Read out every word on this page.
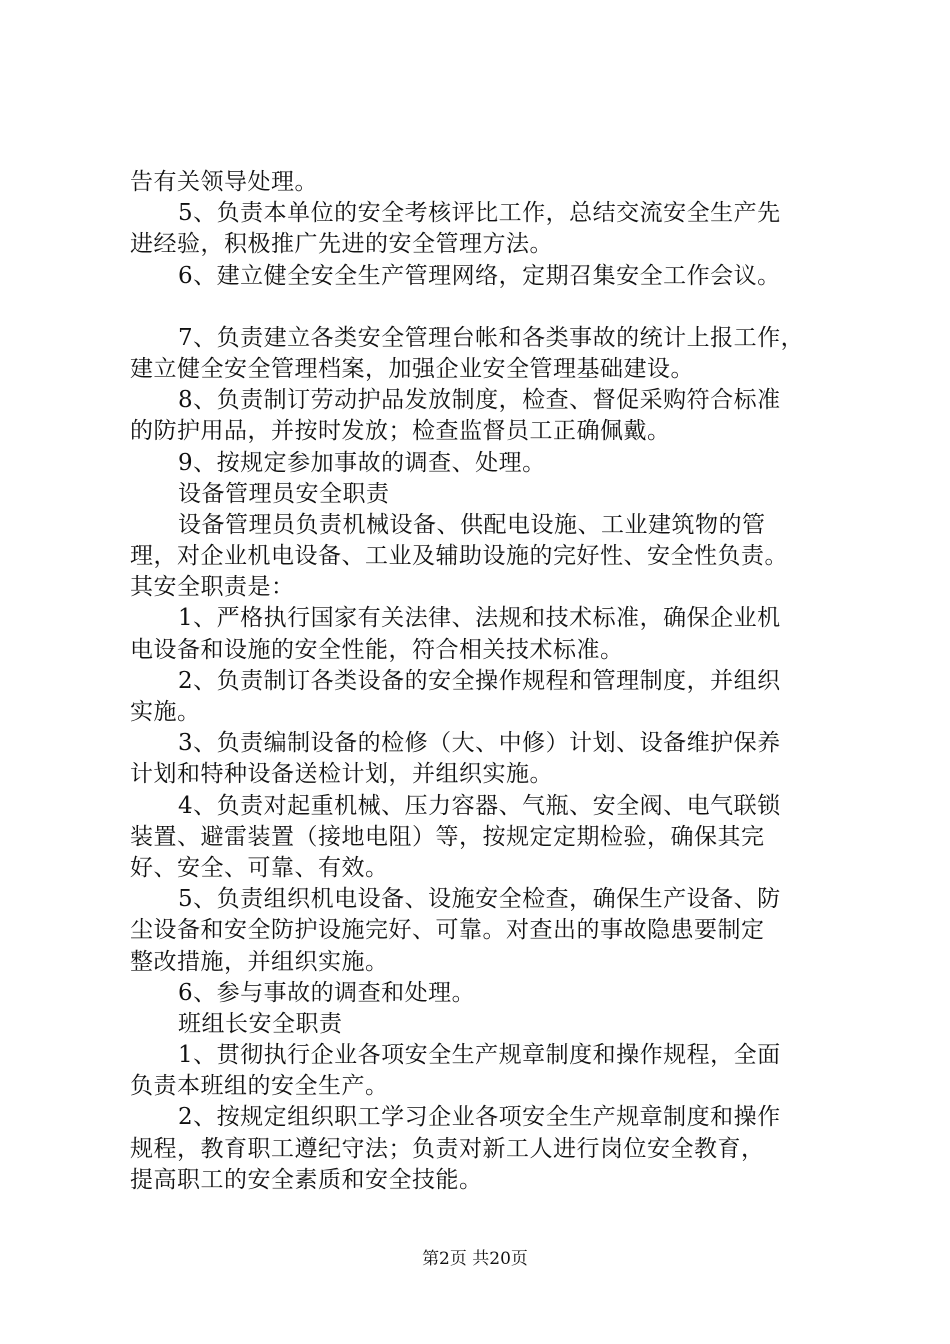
告有关领导处理。
5、负责本单位的安全考核评比工作，总结交流安全生产先
进经验，积极推广先进的安全管理方法。
6、建立健全安全生产管理网络，定期召集安全工作会议。
7、负责建立各类安全管理台帐和各类事故的统计上报工作，
建立健全安全管理档案，加强企业安全管理基础建设。
8、负责制订劳动护品发放制度，检查、督促采购符合标准
的防护用品，并按时发放；检查监督员工正确佩戴。
9、按规定参加事故的调查、处理。
设备管理员安全职责
设备管理员负责机械设备、供配电设施、工业建筑物的管
理，对企业机电设备、工业及辅助设施的完好性、安全性负责。
其安全职责是：
1、严格执行国家有关法律、法规和技术标准，确保企业机
电设备和设施的安全性能，符合相关技术标准。
2、负责制订各类设备的安全操作规程和管理制度，并组织
实施。
3、负责编制设备的检修（大、中修）计划、设备维护保养
计划和特种设备送检计划，并组织实施。
4、负责对起重机械、压力容器、气瓶、安全阀、电气联锁
装置、避雷装置（接地电阻）等，按规定定期检验，确保其完
好、安全、可靠、有效。
5、负责组织机电设备、设施安全检查，确保生产设备、防
尘设备和安全防护设施完好、可靠。对查出的事故隐患要制定
整改措施，并组织实施。
6、参与事故的调查和处理。
班组长安全职责
1、贯彻执行企业各项安全生产规章制度和操作规程，全面
负责本班组的安全生产。
2、按规定组织职工学习企业各项安全生产规章制度和操作
规程，教育职工遵纪守法；负责对新工人进行岗位安全教育，
提高职工的安全素质和安全技能。
第2页 共20页
